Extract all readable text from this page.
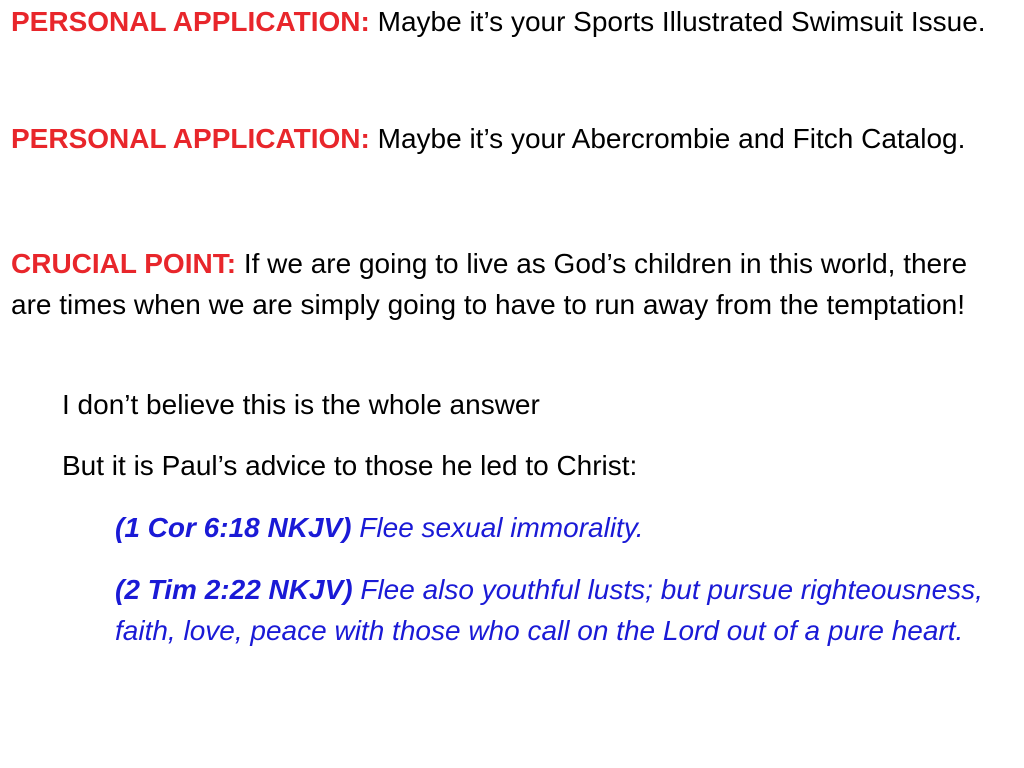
PERSONAL APPLICATION: Maybe it’s your Sports Illustrated Swimsuit Issue.

PERSONAL APPLICATION: Maybe it’s your Abercrombie and Fitch Catalog.

CRUCIAL POINT: If we are going to live as God’s children in this world, there are times when we are simply going to have to run away from the temptation!

I don’t believe this is the whole answer

But it is Paul’s advice to those he led to Christ:

(1 Cor 6:18 NKJV) Flee sexual immorality.

(2 Tim 2:22 NKJV) Flee also youthful lusts; but pursue righteousness, faith, love, peace with those who call on the Lord out of a pure heart.
